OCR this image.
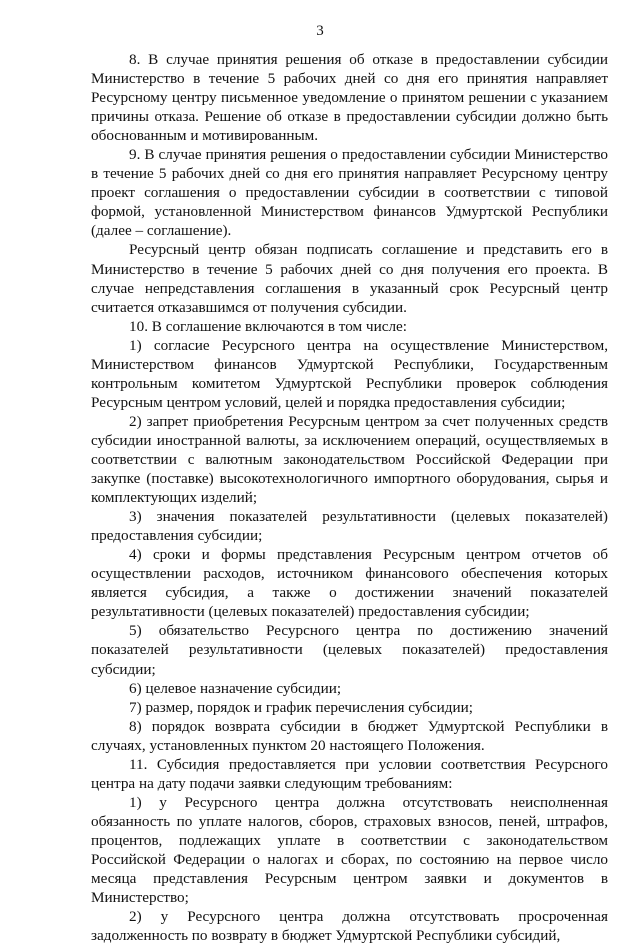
3

8. В случае принятия решения об отказе в предоставлении субсидии Министерство в течение 5 рабочих дней со дня его принятия направляет Ресурсному центру письменное уведомление о принятом решении с указанием причины отказа. Решение об отказе в предоставлении субсидии должно быть обоснованным и мотивированным.

9. В случае принятия решения о предоставлении субсидии Министерство в течение 5 рабочих дней со дня его принятия направляет Ресурсному центру проект соглашения о предоставлении субсидии в соответствии с типовой формой, установленной Министерством финансов Удмуртской Республики (далее – соглашение).

Ресурсный центр обязан подписать соглашение и представить его в Министерство в течение 5 рабочих дней со дня получения его проекта. В случае непредставления соглашения в указанный срок Ресурсный центр считается отказавшимся от получения субсидии.

10. В соглашение включаются в том числе:

1) согласие Ресурсного центра на осуществление Министерством, Министерством финансов Удмуртской Республики, Государственным контрольным комитетом Удмуртской Республики проверок соблюдения Ресурсным центром условий, целей и порядка предоставления субсидии;

2) запрет приобретения Ресурсным центром за счет полученных средств субсидии иностранной валюты, за исключением операций, осуществляемых в соответствии с валютным законодательством Российской Федерации при закупке (поставке) высокотехнологичного импортного оборудования, сырья и комплектующих изделий;

3) значения показателей результативности (целевых показателей) предоставления субсидии;

4) сроки и формы представления Ресурсным центром отчетов об осуществлении расходов, источником финансового обеспечения которых является субсидия, а также о достижении значений показателей результативности (целевых показателей) предоставления субсидии;

5) обязательство Ресурсного центра по достижению значений показателей результативности (целевых показателей) предоставления субсидии;

6) целевое назначение субсидии;

7) размер, порядок и график перечисления субсидии;

8) порядок возврата субсидии в бюджет Удмуртской Республики в случаях, установленных пунктом 20 настоящего Положения.

11. Субсидия предоставляется при условии соответствия Ресурсного центра на дату подачи заявки следующим требованиям:

1) у Ресурсного центра должна отсутствовать неисполненная обязанность по уплате налогов, сборов, страховых взносов, пеней, штрафов, процентов, подлежащих уплате в соответствии с законодательством Российской Федерации о налогах и сборах, по состоянию на первое число месяца представления Ресурсным центром заявки и документов в Министерство;

2) у Ресурсного центра должна отсутствовать просроченная задолженность по возврату в бюджет Удмуртской Республики субсидий,
